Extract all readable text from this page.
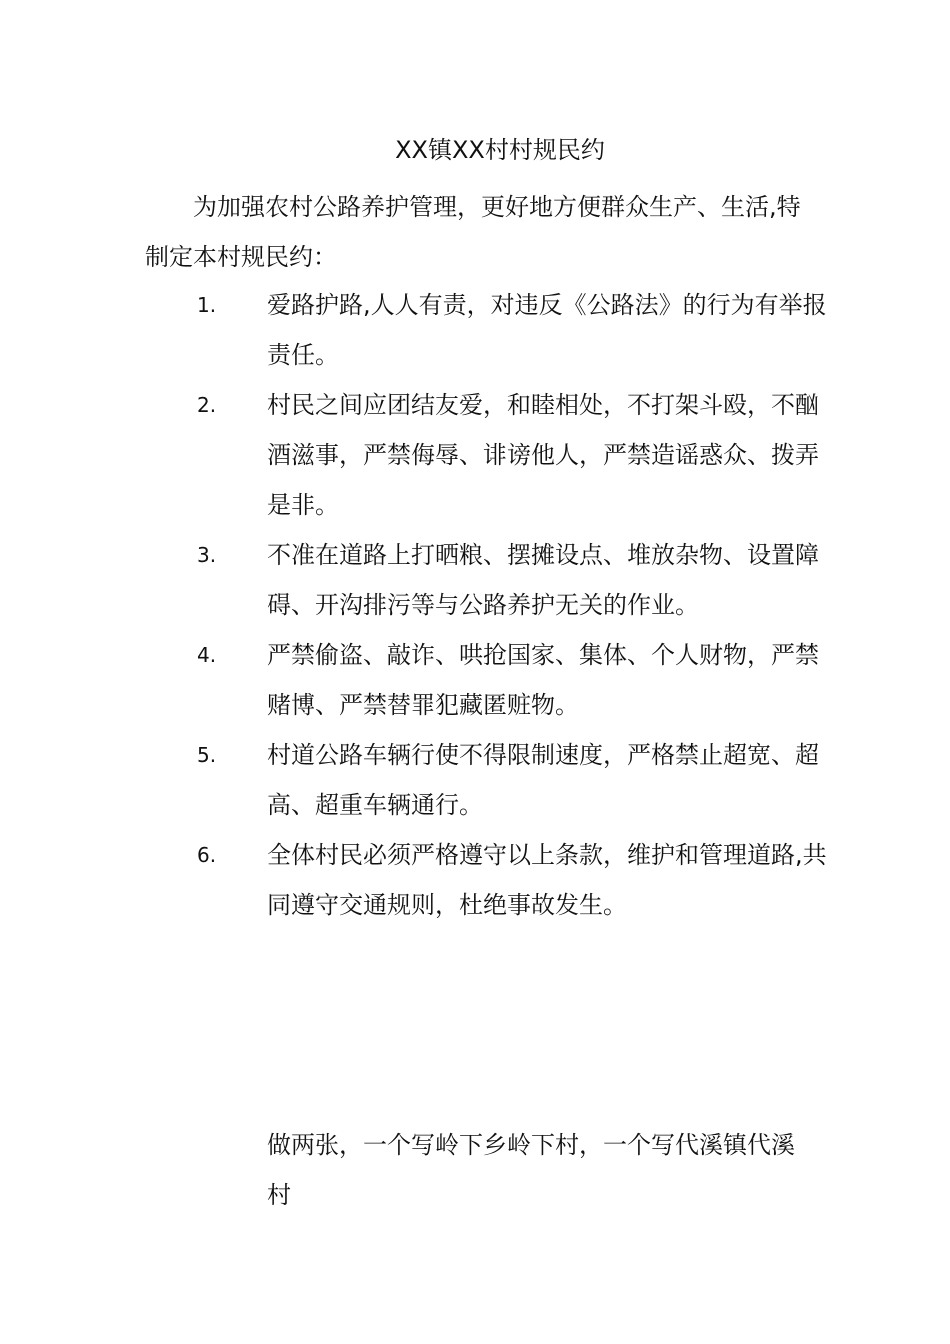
XX镇XX村村规民约

为加强农村公路养护管理，更好地方便群众生产、生活,特制定本村规民约：

1. 爱路护路,人人有责，对违反《公路法》的行为有举报责任。
2. 村民之间应团结友爱，和睦相处，不打架斗殴，不酗酒滋事，严禁侮辱、诽谤他人，严禁造谣惑众、拨弄是非。
3. 不准在道路上打晒粮、摆摊设点、堆放杂物、设置障碍、开沟排污等与公路养护无关的作业。
4. 严禁偷盗、敲诈、哄抢国家、集体、个人财物，严禁赌博、严禁替罪犯藏匿赃物。
5. 村道公路车辆行使不得限制速度，严格禁止超宽、超高、超重车辆通行。
6. 全体村民必须严格遵守以上条款，维护和管理道路,共同遵守交通规则，杜绝事故发生。

做两张，一个写岭下乡岭下村，一个写代溪镇代溪村
